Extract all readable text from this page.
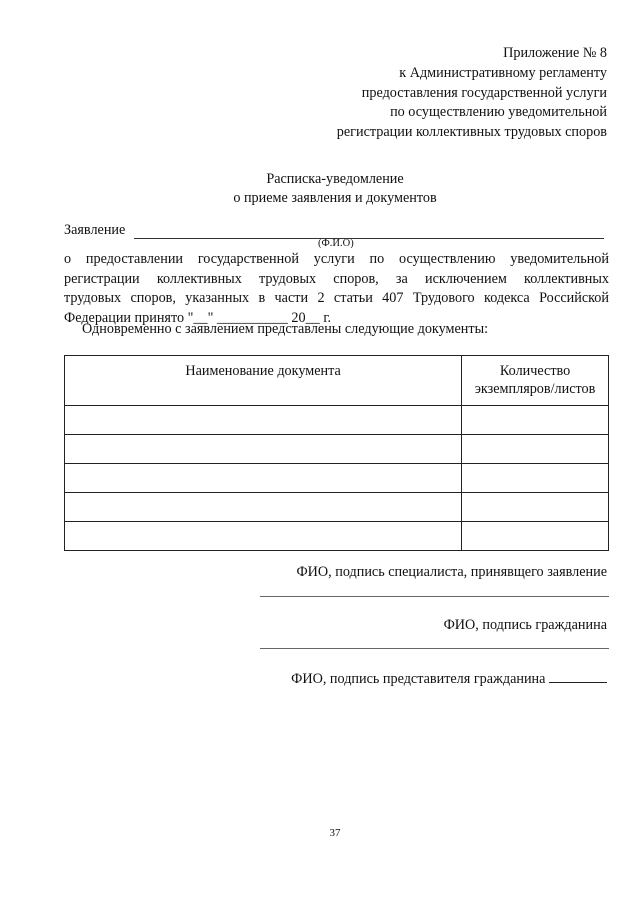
Приложение № 8
к Административному регламенту
предоставления государственной услуги
по осуществлению уведомительной
регистрации коллективных трудовых споров
Расписка-уведомление
о приеме заявления и документов
Заявление
(Ф.И.О)
о предоставлении государственной услуги по осуществлению уведомительной
регистрации коллективных трудовых споров, за исключением коллективных
трудовых споров, указанных в части 2 статьи 407 Трудового кодекса Российской
Федерации принято "__" __________ 20__ г.
Одновременно с заявлением представлены следующие документы:
Наименование документа	Количество
экземпляров/листов

ФИО, подпись специалиста, принявщего заявление
ФИО, подпись гражданина
ФИО, подпись представителя гражданина
37
